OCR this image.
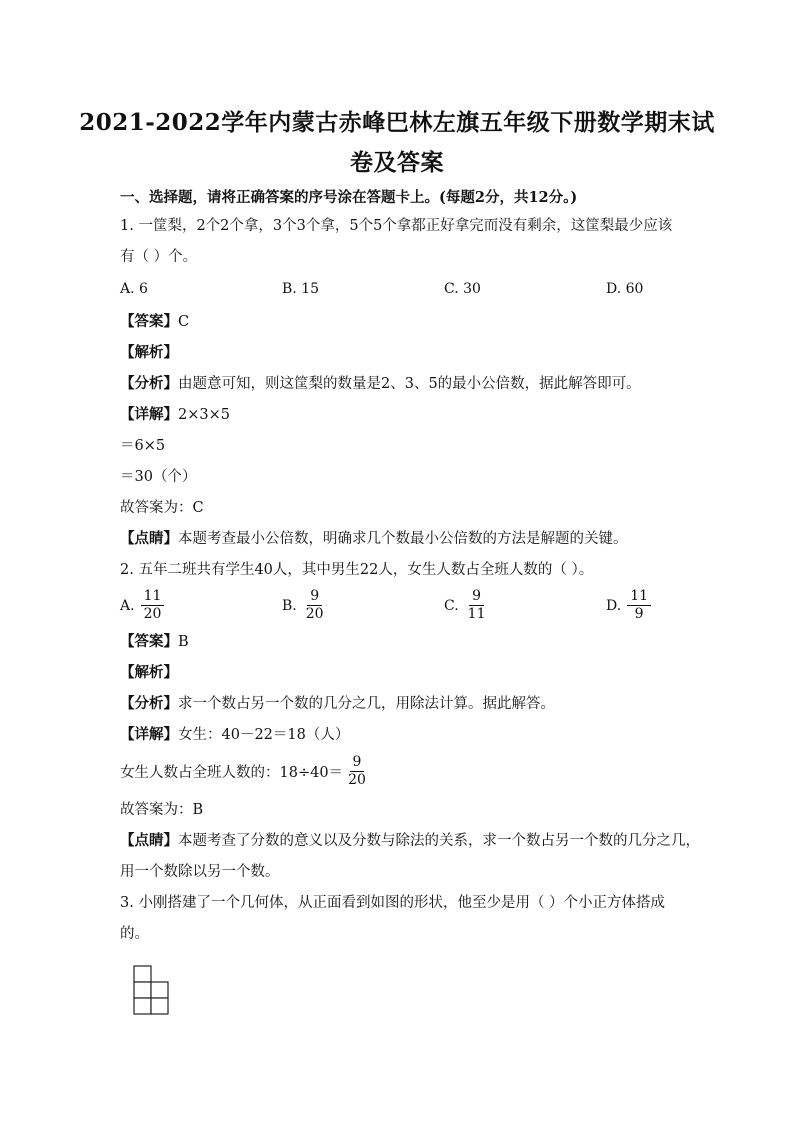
2021-2022学年内蒙古赤峰巴林左旗五年级下册数学期末试
卷及答案
一、选择题，请将正确答案的序号涂在答题卡上。(每题2分，共12分。)
1. 一筐梨，2个2个拿，3个3个拿，5个5个拿都正好拿完而没有剩余，这筐梨最少应该
有（ ）个。
A. 6	B. 15	C. 30	D. 60
【答案】C
【解析】
【分析】由题意可知，则这筐梨的数量是2、3、5的最小公倍数，据此解答即可。
【详解】2×3×5
＝6×5
＝30（个）
故答案为：C
【点睛】本题考查最小公倍数，明确求几个数最小公倍数的方法是解题的关键。
2. 五年二班共有学生40人，其中男生22人，女生人数占全班人数的（ ）。
A. $\frac{11}{20}$	B. $\frac{9}{20}$	C. $\frac{9}{11}$	D. $\frac{11}{9}$
【答案】B
【解析】
【分析】求一个数占另一个数的几分之几，用除法计算。据此解答。
【详解】女生：40－22＝18（人）
女生人数占全班人数的：$18\div 40= \frac{9}{20}$
故答案为：B
【点睛】本题考查了分数的意义以及分数与除法的关系，求一个数占另一个数的几分之几，
用一个数除以另一个数。
3. 小刚搭建了一个几何体，从正面看到如图的形状，他至少是用（ ）个小正方体搭成
的。
